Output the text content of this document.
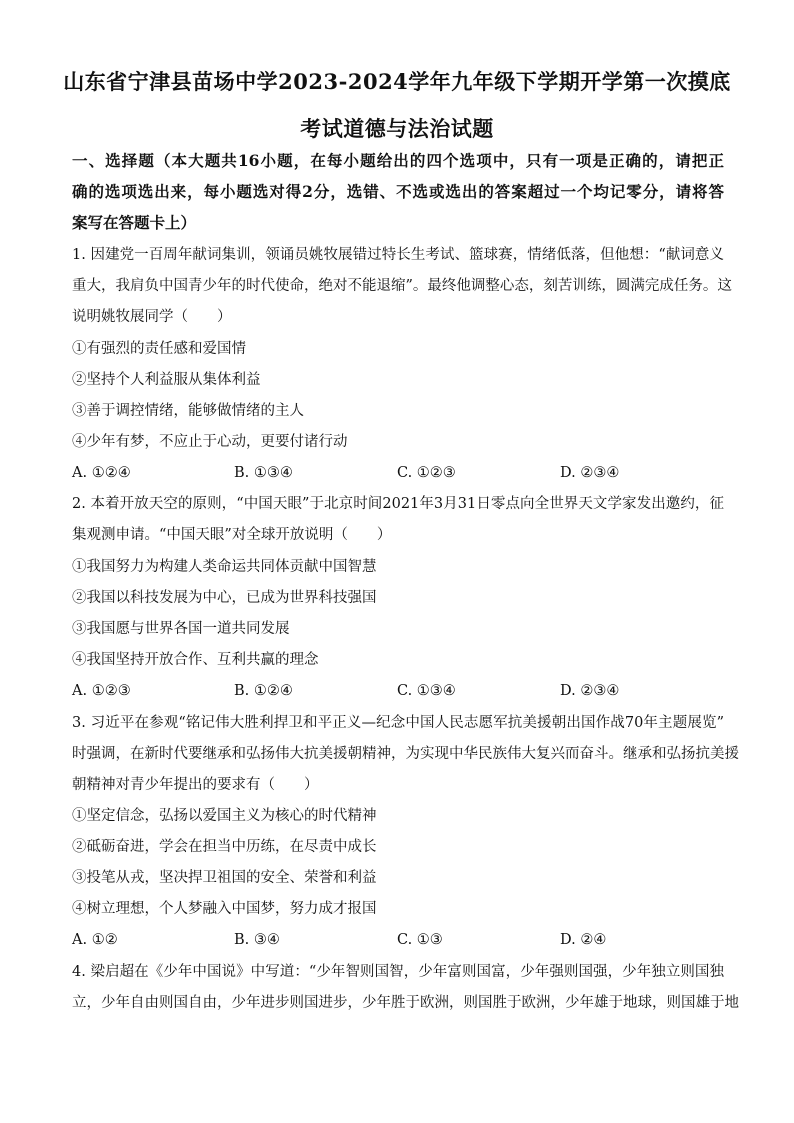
山东省宁津县苗场中学2023-2024学年九年级下学期开学第一次摸底
考试道德与法治试题
一、选择题（本大题共16小题，在每小题给出的四个选项中，只有一项是正确的，请把正
确的选项选出来，每小题选对得2分，选错、不选或选出的答案超过一个均记零分，请将答
案写在答题卡上）
1. 因建党一百周年献词集训，领诵员姚牧展错过特长生考试、篮球赛，情绪低落，但他想：“献词意义
重大，我肩负中国青少年的时代使命，绝对不能退缩”。最终他调整心态，刻苦训练，圆满完成任务。这
说明姚牧展同学（　　）
①有强烈的责任感和爱国情
②坚持个人利益服从集体利益
③善于调控情绪，能够做情绪的主人
④少年有梦，不应止于心动，更要付诸行动
A. ①②④	B. ①③④	C. ①②③	D. ②③④
2. 本着开放天空的原则，“中国天眼”于北京时间2021年3月31日零点向全世界天文学家发出邀约，征
集观测申请。“中国天眼”对全球开放说明（　　）
①我国努力为构建人类命运共同体贡献中国智慧
②我国以科技发展为中心，已成为世界科技强国
③我国愿与世界各国一道共同发展
④我国坚持开放合作、互利共赢的理念
A. ①②③	B. ①②④	C. ①③④	D. ②③④
3. 习近平在参观“铭记伟大胜利捍卫和平正义—纪念中国人民志愿军抗美援朝出国作战70年主题展览”
时强调，在新时代要继承和弘扬伟大抗美援朝精神，为实现中华民族伟大复兴而奋斗。继承和弘扬抗美援
朝精神对青少年提出的要求有（　　）
①坚定信念，弘扬以爱国主义为核心的时代精神
②砥砺奋进，学会在担当中历练，在尽责中成长
③投笔从戎，坚决捍卫祖国的安全、荣誉和利益
④树立理想，个人梦融入中国梦，努力成才报国
A. ①②	B. ③④	C. ①③	D. ②④
4. 梁启超在《少年中国说》中写道：“少年智则国智，少年富则国富，少年强则国强，少年独立则国独
立，少年自由则国自由，少年进步则国进步，少年胜于欧洲，则国胜于欧洲，少年雄于地球，则国雄于地
